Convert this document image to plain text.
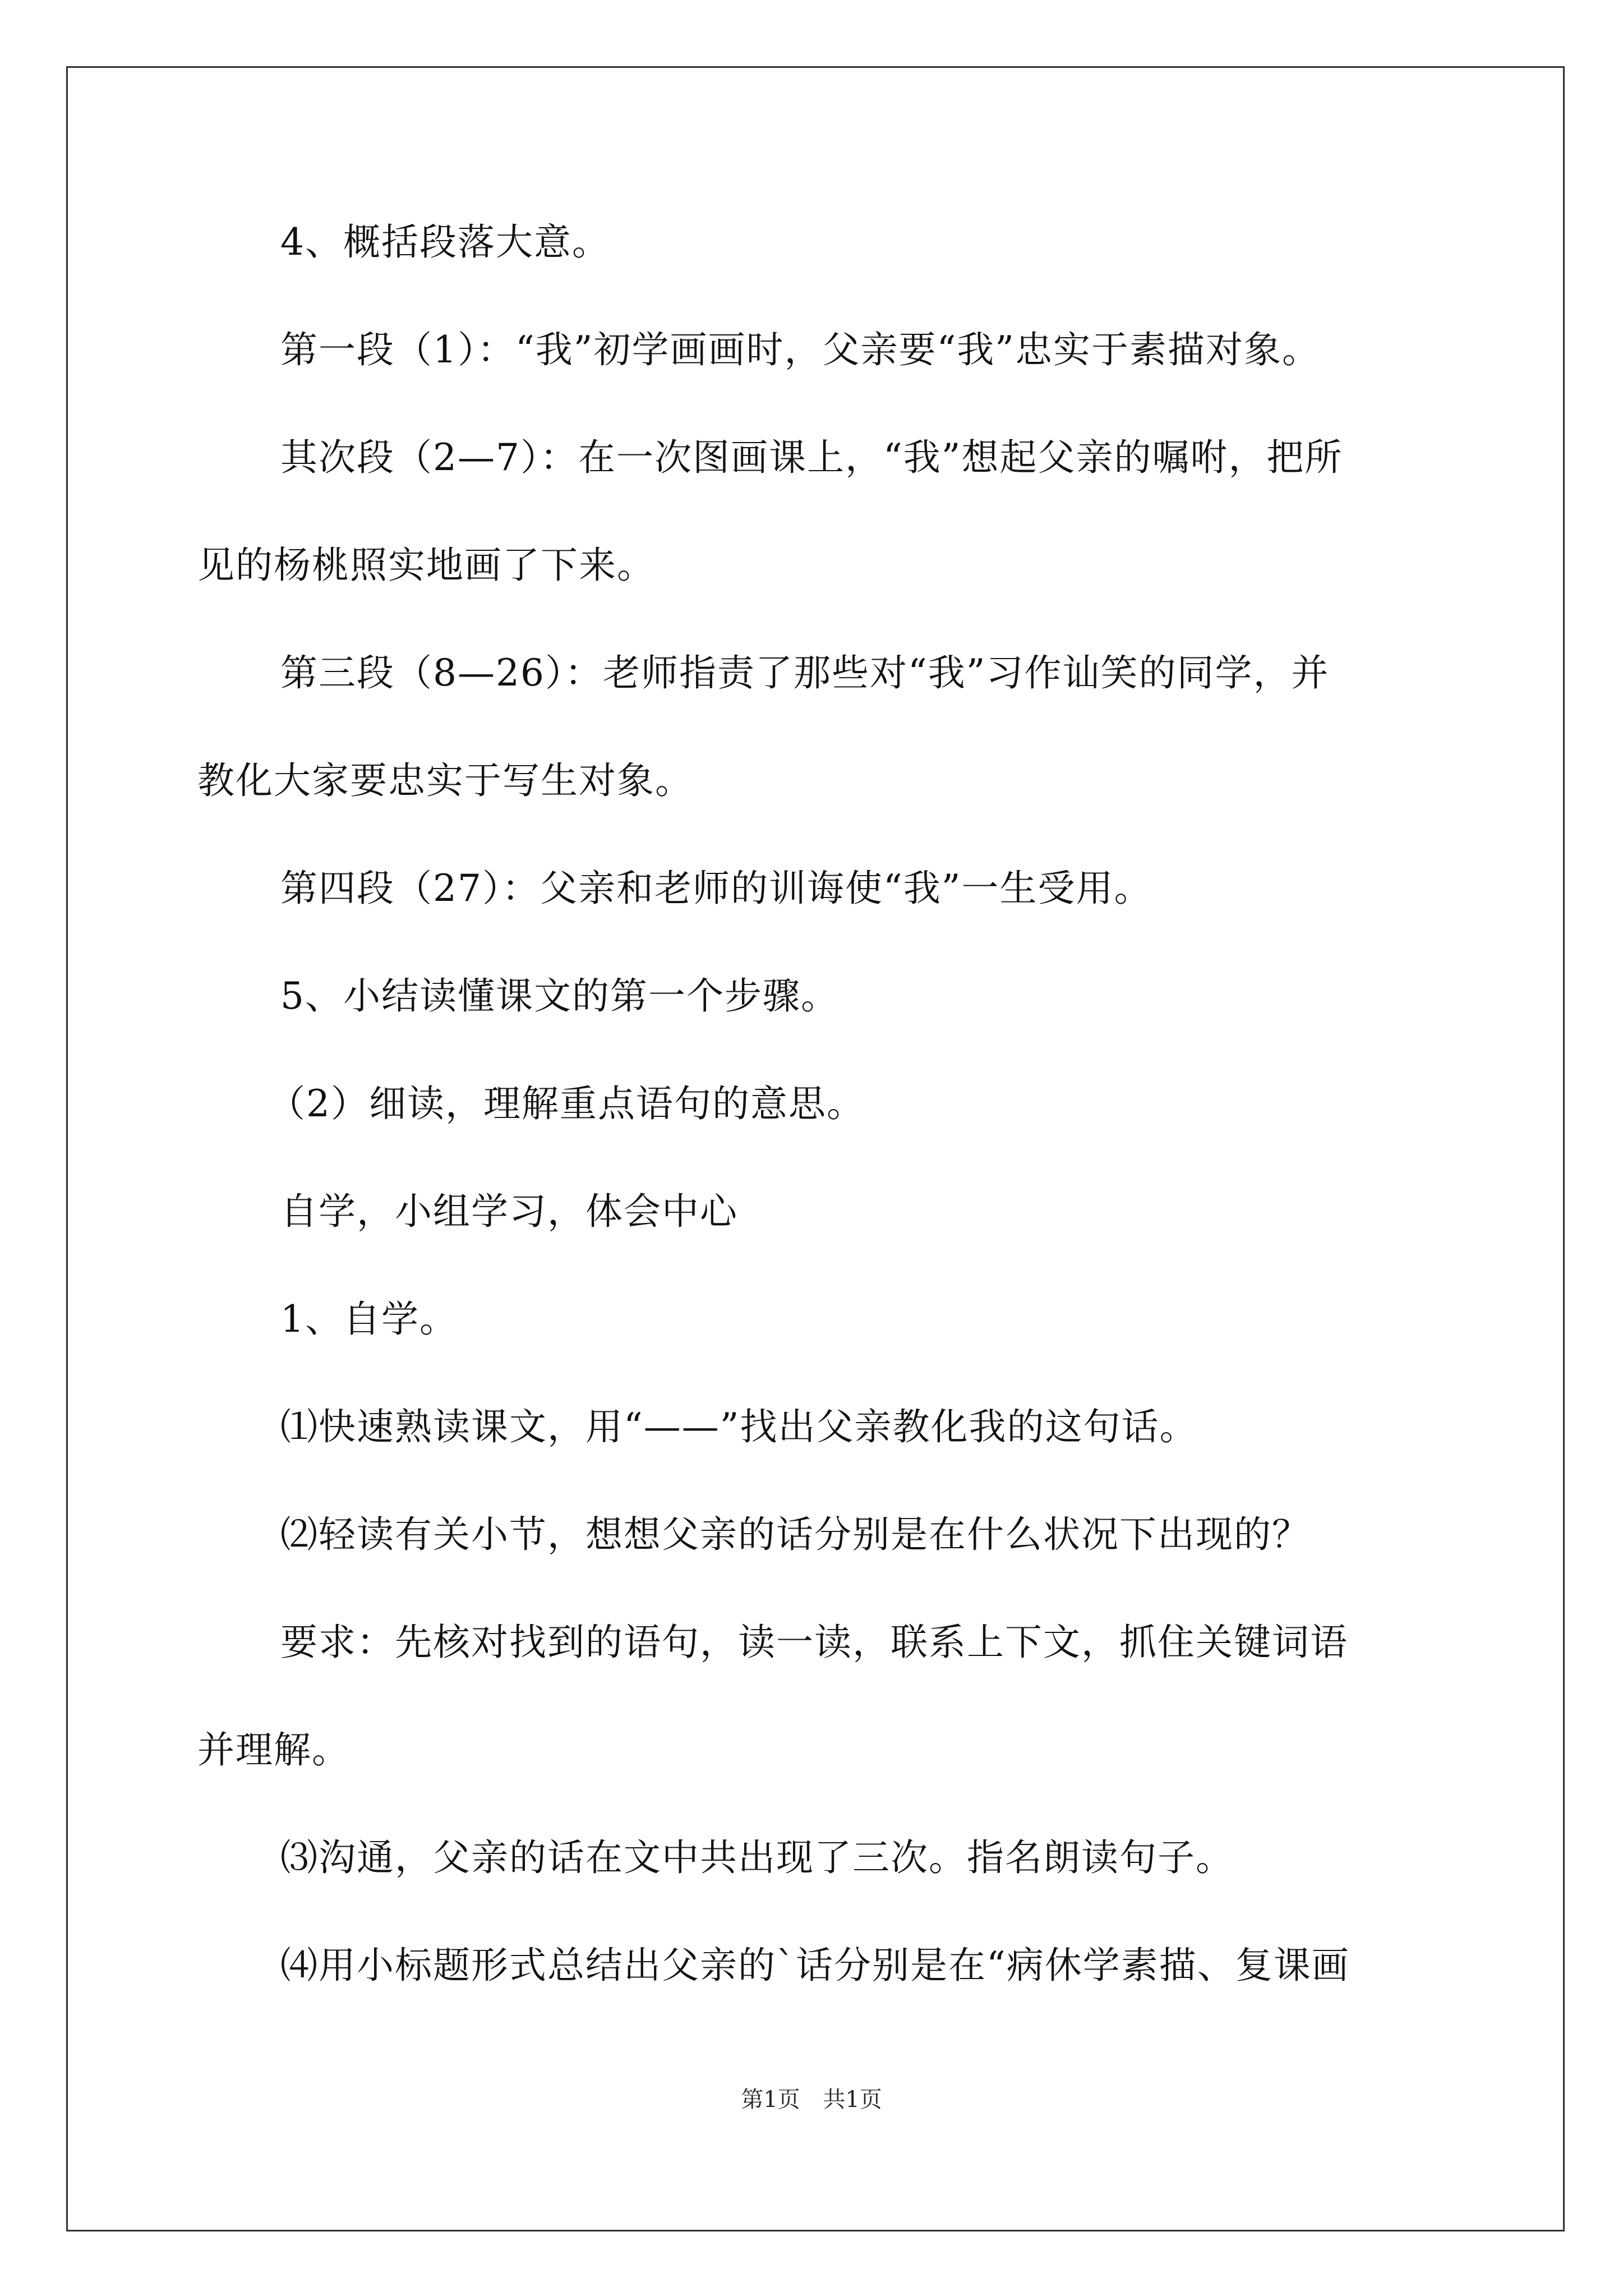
4、概括段落大意。
第一段（1）：“我”初学画画时，父亲要“我”忠实于素描对象。
其次段（2—7）：在一次图画课上，“我”想起父亲的嘱咐，把所
见的杨桃照实地画了下来。
第三段（8—26）：老师指责了那些对“我”习作讪笑的同学，并
教化大家要忠实于写生对象。
第四段（27）：父亲和老师的训诲使“我”一生受用。
5、小结读懂课文的第一个步骤。
（2）细读，理解重点语句的意思。
自学，小组学习，体会中心
1、自学。
⑴快速熟读课文，用“——”找出父亲教化我的这句话。
⑵轻读有关小节，想想父亲的话分别是在什么状况下出现的？
要求：先核对找到的语句，读一读，联系上下文，抓住关键词语
并理解。
⑶沟通，父亲的话在文中共出现了三次。指名朗读句子。
⑷用小标题形式总结出父亲的`话分别是在“病休学素描、复课画
第1页 共1页
